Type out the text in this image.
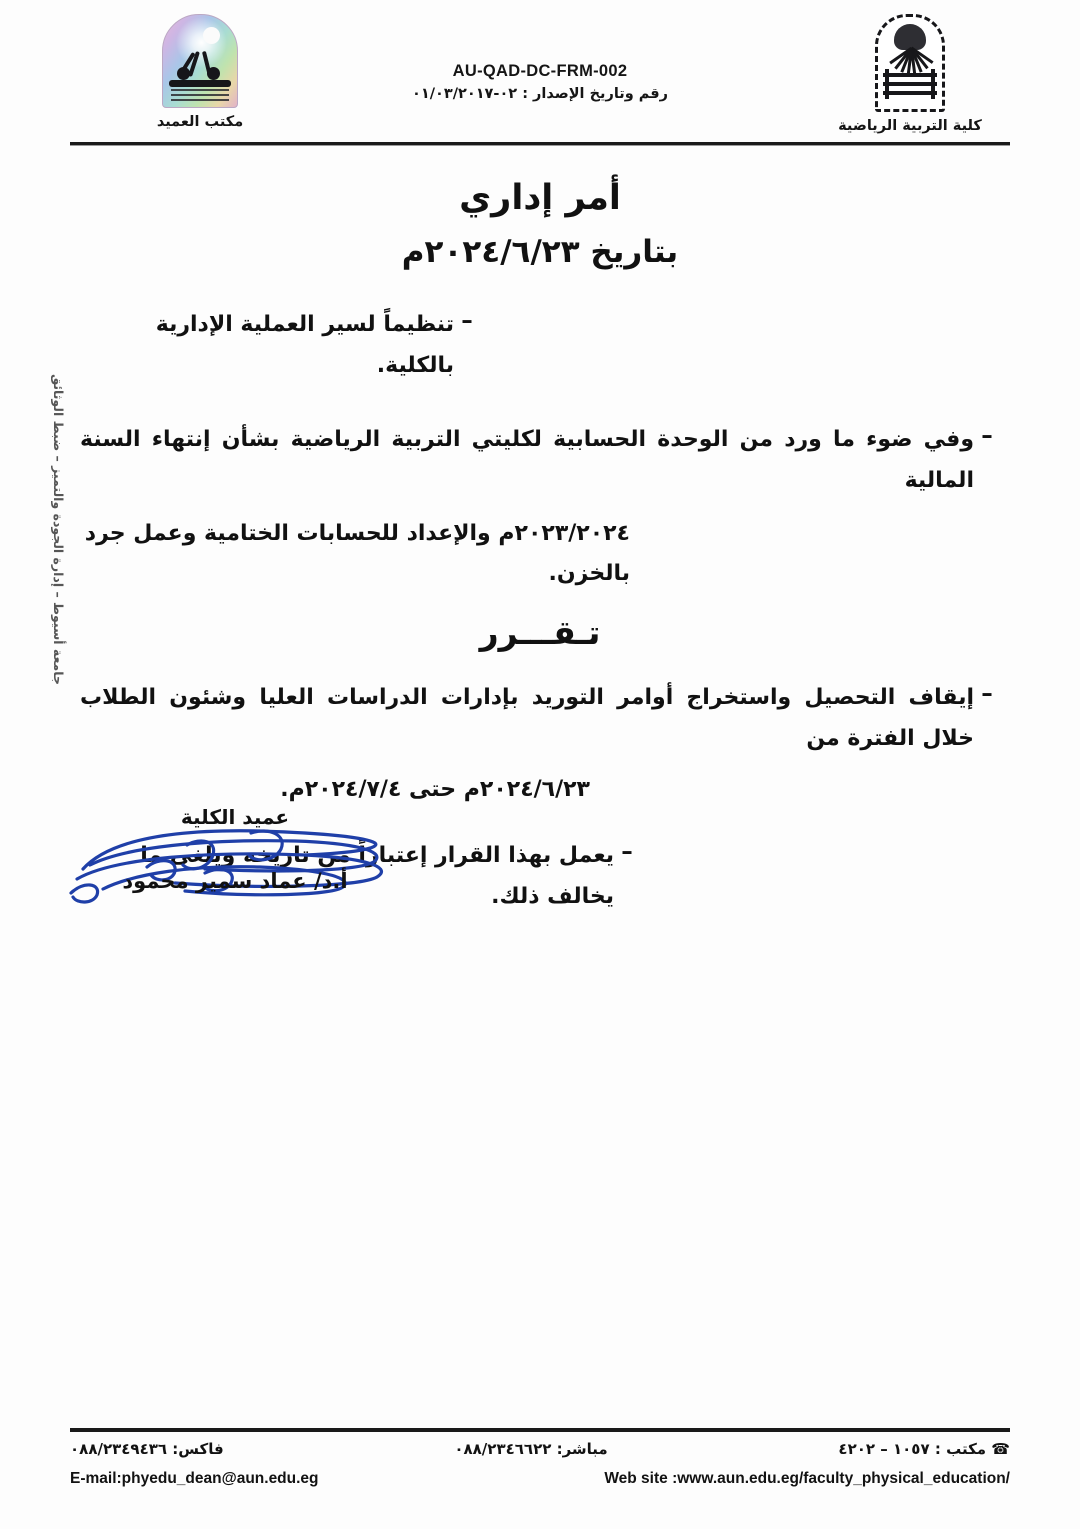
مكتب العميد
AU-QAD-DC-FRM-002
رقم وتاريخ الإصدار : ٠٢-٠١/٠٣/٢٠١٧
كلية التربية الرياضية
جامعة أسيوط – إدارة الجودة والتميز – ضبط الوثائق
أمر إداري
بتاريخ ٢٠٢٤/٦/٢٣م
–
تنظيماً لسير العملية الإدارية بالكلية.
–
وفي ضوء ما ورد من الوحدة الحسابية لكليتي التربية الرياضية بشأن إنتهاء السنة المالية
٢٠٢٣/٢٠٢٤م والإعداد للحسابات الختامية وعمل جرد بالخزن.
تـقـــرر
–
إيقاف التحصيل واستخراج أوامر التوريد بإدارات الدراسات العليا وشئون الطلاب خلال الفترة من
٢٠٢٤/٦/٢٣م حتى ٢٠٢٤/٧/٤م.
–
يعمل بهذا القرار إعتباراً من تاريخه ويلغى ما يخالف ذلك.
عميد الكلية
أ.د/ عماد سمير محمود
☎ مكتب : ١٠٥٧ – ٤٢٠٢
مباشر: ٠٨٨/٢٣٤٦٦٢٢
فاكس: ٠٨٨/٢٣٤٩٤٣٦
E-mail:phyedu_dean@aun.edu.eg	Web site :www.aun.edu.eg/faculty_physical_education/
